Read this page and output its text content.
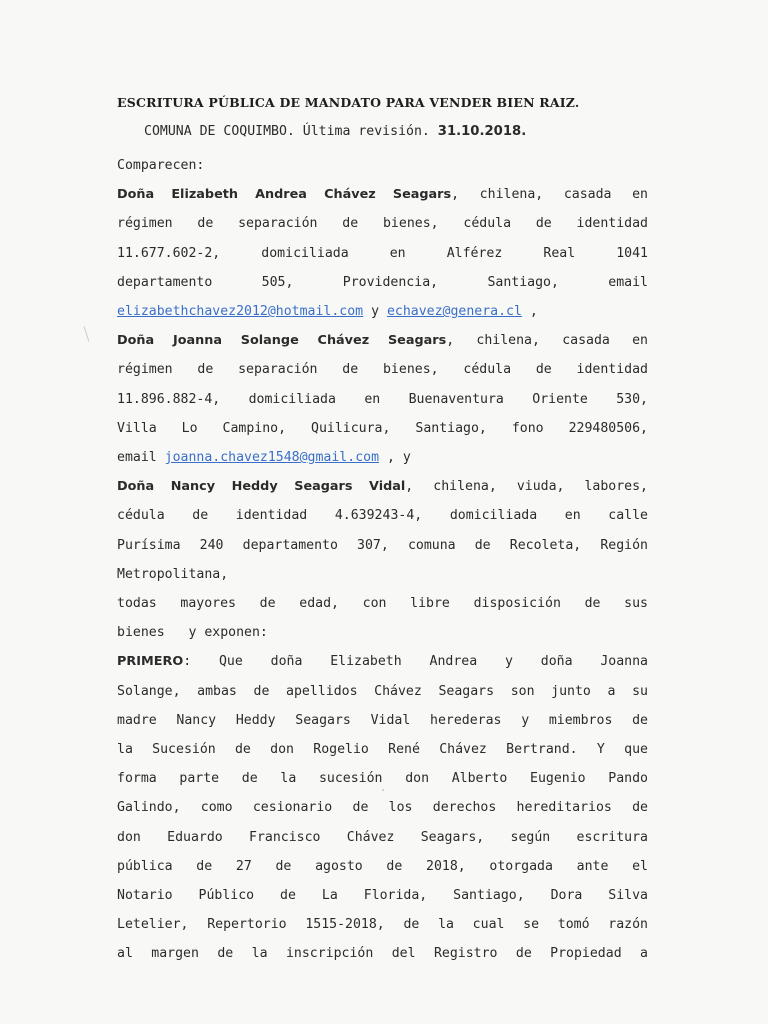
ESCRITURA PÚBLICA DE MANDATO PARA VENDER BIEN RAIZ.
COMUNA DE COQUIMBO. Última revisión. 31.10.2018.
Comparecen:
Doña Elizabeth Andrea Chávez Seagars, chilena, casada en
régimen de separación de bienes, cédula de identidad
11.677.602-2, domiciliada en Alférez Real 1041
departamento 505, Providencia, Santiago, email
elizabethchavez2012@hotmail.com y echavez@genera.cl ,
Doña Joanna Solange Chávez Seagars, chilena, casada en
régimen de separación de bienes, cédula de identidad
11.896.882-4, domiciliada en Buenaventura Oriente 530,
Villa Lo Campino, Quilicura, Santiago, fono 229480506,
email joanna.chavez1548@gmail.com , y
Doña Nancy Heddy Seagars Vidal, chilena, viuda, labores,
cédula de identidad 4.639243-4, domiciliada en calle
Purísima 240 departamento 307, comuna de Recoleta, Región
Metropolitana,
todas mayores de edad, con libre disposición de sus
bienes   y exponen:
PRIMERO: Que doña Elizabeth Andrea y doña Joanna
Solange, ambas de apellidos Chávez Seagars son junto a su
madre Nancy Heddy Seagars Vidal herederas y miembros de
la Sucesión de don Rogelio René Chávez Bertrand. Y que
forma parte de la sucesión don Alberto Eugenio Pando
Galindo, como cesionario de los derechos hereditarios de
don Eduardo Francisco Chávez Seagars, según escritura
pública de 27 de agosto de 2018, otorgada ante el
Notario Público de La Florida, Santiago, Dora Silva
Letelier, Repertorio 1515-2018, de la cual se tomó razón
al margen de la inscripción del Registro de Propiedad a
